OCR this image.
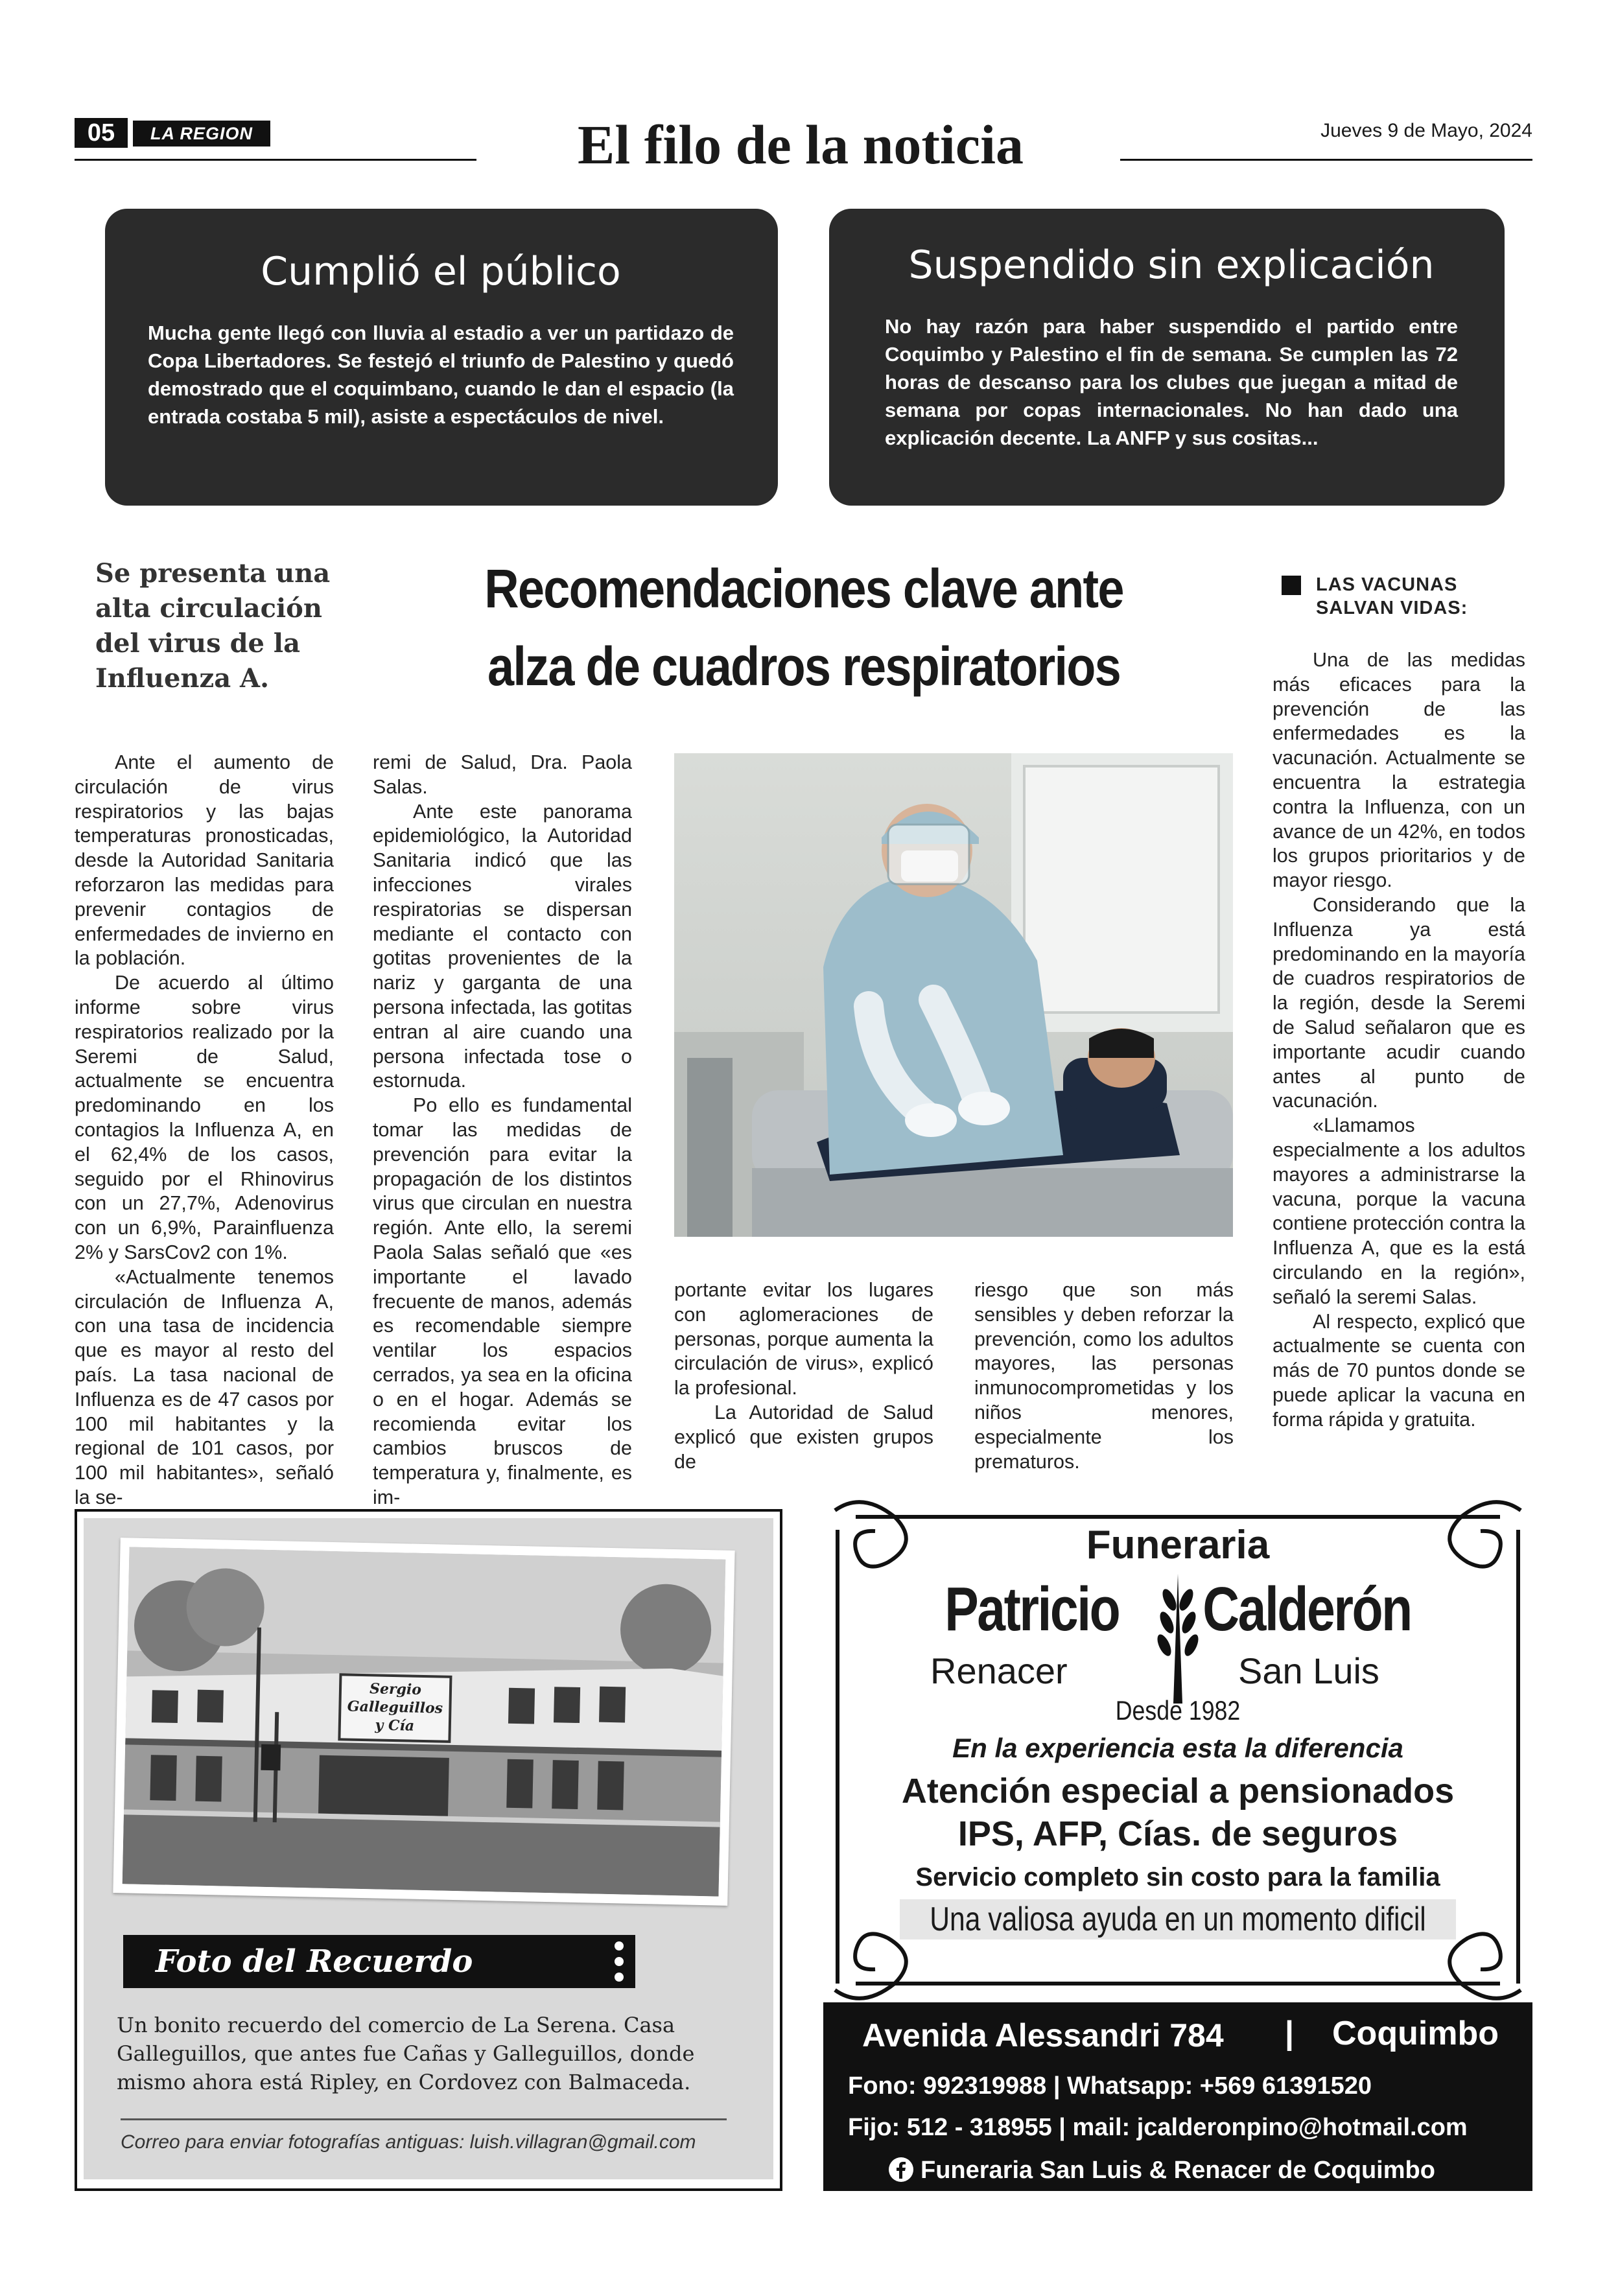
05	LA REGION	El filo de la noticia	Jueves 9 de Mayo, 2024
Cumplió el público

Mucha gente llegó con lluvia al estadio a ver un partidazo de Copa Libertadores. Se festejó el triunfo de Palestino y quedó demostrado que el coquimbano, cuando le dan el espacio (la entrada costaba 5 mil), asiste a espectáculos de nivel.

Suspendido sin explicación

No hay razón para haber suspendido el partido entre Coquimbo y Palestino el fin de semana. Se cumplen las 72 horas de descanso para los clubes que juegan a mitad de semana por copas internacionales. No han dado una explicación decente. La ANFP y sus cositas...

Se presenta una alta circulación del virus de la Influenza A.
Recomendaciones clave ante alza de cuadros respiratorios

Ante el aumento de circulación de virus respiratorios y las bajas temperaturas pronosticadas, desde la Autoridad Sanitaria reforzaron las medidas para prevenir contagios de enfermedades de invierno en la población.

De acuerdo al último informe sobre virus respiratorios realizado por la Seremi de Salud, actualmente se encuentra predominando en los contagios la Influenza A, en el 62,4% de los casos, seguido por el Rhinovirus con un 27,7%, Adenovirus con un 6,9%, Parainfluenza 2% y SarsCov2 con 1%.

«Actualmente tenemos circulación de Influenza A, con una tasa de incidencia que es mayor al resto del país. La tasa nacional de Influenza es de 47 casos por 100 mil habitantes y la regional de 101 casos, por 100 mil habitantes», señaló la se-

remi de Salud, Dra. Paola Salas.

Ante este panorama epidemiológico, la Autoridad Sanitaria indicó que las infecciones virales respiratorias se dispersan mediante el contacto con gotitas provenientes de la nariz y garganta de una persona infectada, las gotitas entran al aire cuando una persona infectada tose o estornuda.

Po ello es fundamental tomar las medidas de prevención para evitar la propagación de los distintos virus que circulan en nuestra región. Ante ello, la seremi Paola Salas señaló que «es importante el lavado frecuente de manos, además es recomendable siempre ventilar los espacios cerrados, ya sea en la oficina o en el hogar. Además se recomienda evitar los cambios bruscos de temperatura y, finalmente, es im-

portante evitar los lugares con aglomeraciones de personas, porque aumenta la circulación de virus», explicó la profesional.

La Autoridad de Salud explicó que existen grupos de

riesgo que son más sensibles y deben reforzar la prevención, como los adultos mayores, las personas inmunocomprometidas y los niños menores, especialmente los prematuros.

LAS VACUNAS
SALVAN VIDAS:

Una de las medidas más eficaces para la prevención de las enfermedades es la vacunación. Actualmente se encuentra la estrategia contra la Influenza, con un avance de un 42%, en todos los grupos prioritarios y de mayor riesgo.

Considerando que la Influenza ya está predominando en la mayoría de cuadros respiratorios de la región, desde la Seremi de Salud señalaron que es importante acudir cuando antes al punto de vacunación.

«Llamamos especialmente a los adultos mayores a administrarse la vacuna, porque la vacuna contiene protección contra la Influenza A, que es la está circulando en la región», señaló la seremi Salas.

Al respecto, explicó que actualmente se cuenta con más de 70 puntos donde se puede aplicar la vacuna en forma rápida y gratuita.

Sergio
Galleguillos
y Cía
Foto del Recuerdo
Un bonito recuerdo del comercio de La Serena. Casa Galleguillos, que antes fue Cañas y Galleguillos, donde mismo ahora está Ripley, en Cordovez con Balmaceda.
Correo para enviar fotografías antiguas: luish.villagran@gmail.com
Funeraria
Patricio Calderón
Renacer	San Luis
Desde 1982
En la experiencia esta la diferencia
Atención especial a pensionados
IPS, AFP, Cías. de seguros
Servicio completo sin costo para la familia
Una valiosa ayuda en un momento dificil
Avenida Alessandri 784 | Coquimbo
Fono: 992319988 | Whatsapp: +569 61391520
Fijo: 512 - 318955 | mail: jcalderonpino@hotmail.com
Funeraria San Luis & Renacer de Coquimbo
